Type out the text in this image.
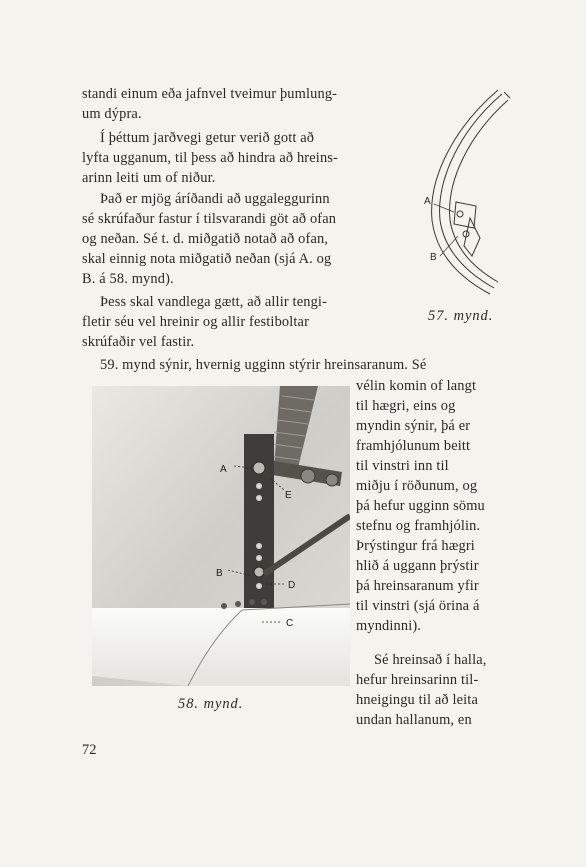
standi einum eða jafnvel tveimur þumlung-
um dýpra.

Í þéttum jarðvegi getur verið gott að
lyfta ugganum, til þess að hindra að hreins-
arinn leiti um of niður.

Það er mjög áríðandi að uggaleggurinn
sé skrúfaður fastur í tilsvarandi göt að ofan
og neðan. Sé t. d. miðgatið notað að ofan,
skal einnig nota miðgatið neðan (sjá A. og
B. á 58. mynd).

Þess skal vandlega gætt, að allir tengi-
fletir séu vel hreinir og allir festiboltar
skrúfaðir vel fastir.

A
B
57. mynd.

59. mynd sýnir, hvernig ugginn stýrir hreinsaranum. Sé

vélin komin of langt
til hægri, eins og
myndin sýnir, þá er
framhjólunum beitt
til vinstri inn til
miðju í röðunum, og
þá hefur ugginn sömu
stefnu og framhjólin.
Þrýstingur frá hægri
hlið á uggann þrýstir
þá hreinsaranum yfir
til vinstri (sjá örina á
myndinni).

A
B
C
D
E
58. mynd.

Sé hreinsað í halla,
hefur hreinsarinn til-
hneigingu til að leita
undan hallanum, en

72
